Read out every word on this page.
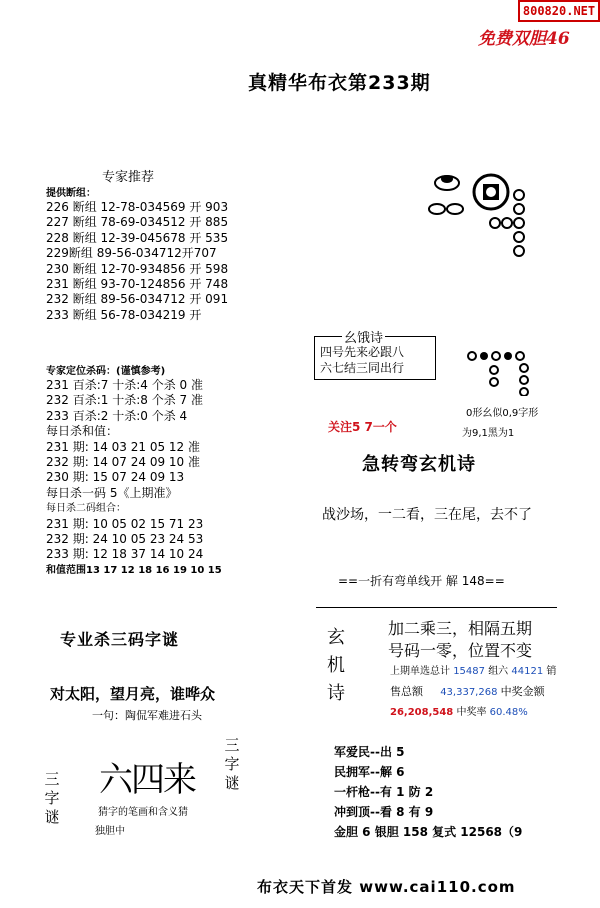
800820.NET
免费双胆46
真精华布衣第233期
专家推荐
提供断组：
226 断组 12-78-034569 开 903
227 断组 78-69-034512 开 885
228 断组 12-39-045678 开 535
229断组 89-56-034712开707
230 断组 12-70-934856 开 598
231 断组 93-70-124856 开 748
232 断组 89-56-034712 开 091
233 断组 56-78-034219 开
专家定位杀码：(谨慎参考)
231 百杀:7 十杀:4 个杀 0 准
232 百杀:1 十杀:8 个杀 7 准
233 百杀:2 十杀:0 个杀 4
每日杀和值：
231 期: 14 03 21 05 12 准
232 期: 14 07 24 09 10 准
230 期: 15 07 24 09 13
每日杀一码 5《上期准》
每日杀二码组合：
231 期: 10 05 02 15 71 23
232 期: 24 10 05 23 24 53
233 期: 12 18 37 14 10 24
和值范围13 17 12 18 16 19 10 15
专业杀三码字谜
对太阳，望月亮，谁哗众
一句：陶侃军难进石头
三
字
谜
三
字
谜
六四来
猜字的笔画和含义猜
独胆中
幺饿诗
四号先来必跟八
六七结三同出行
0形幺似0,9字形
为9,1黑为1
关注5 7一个
急转弯玄机诗
战沙场，一二看，三在尾，去不了
==一折有弯单线开 解 148==
玄
机
诗
加二乘三，相隔五期
号码一零，位置不变
上期单选总计 15487 组六 44121 销
售总额 43,337,268 中奖金额
26,208,548 中奖率 60.48%
军爱民--出 5
民拥军--解 6
一杆枪--有 1 防 2
冲到顶--看 8 有 9
金胆 6 银胆 158 复式 12568（9
布衣天下首发 www.cai110.com
